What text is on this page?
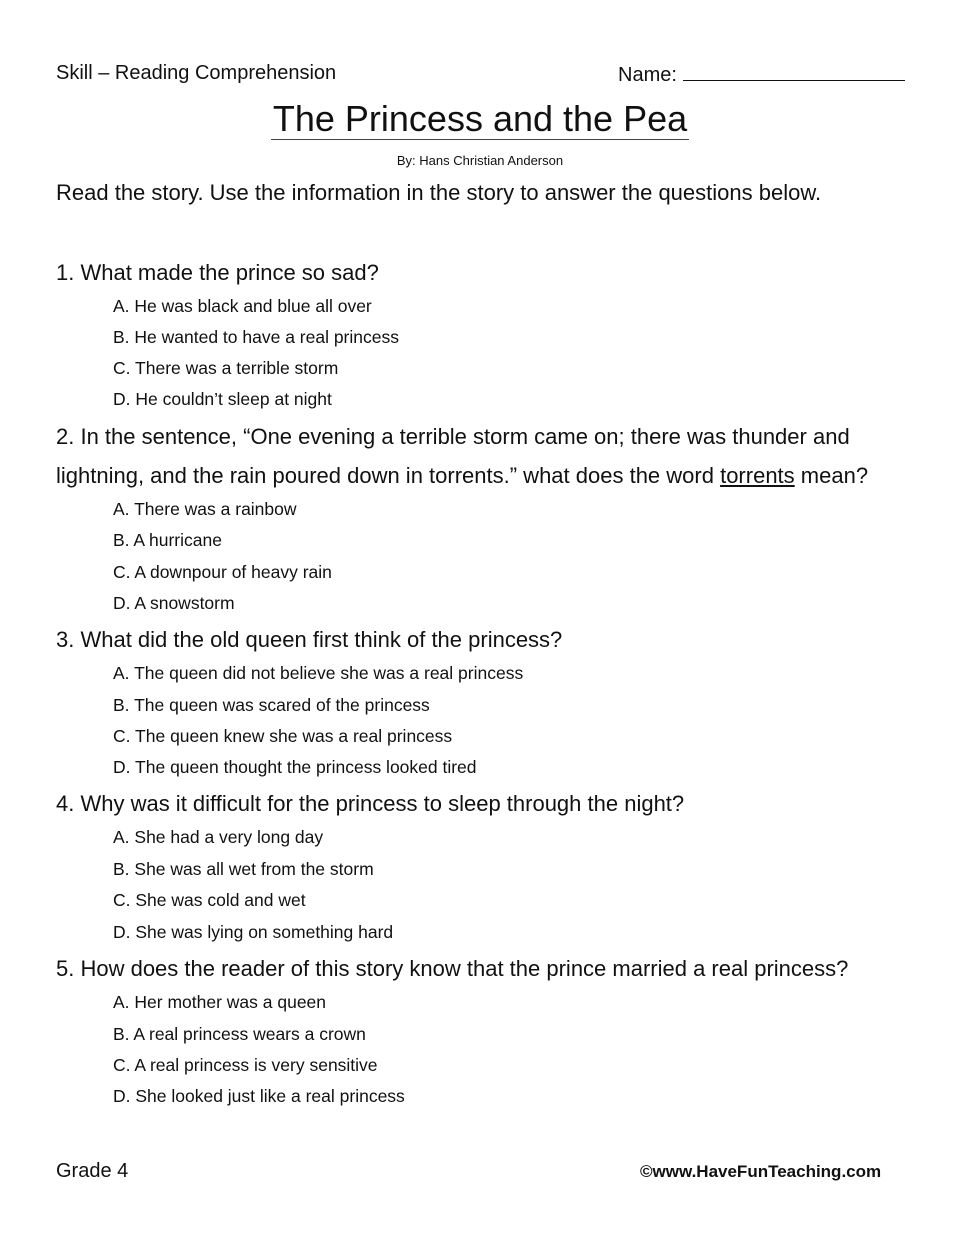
Skill – Reading Comprehension	Name:
The Princess and the Pea
By: Hans Christian Anderson
Read the story. Use the information in the story to answer the questions below.
1. What made the prince so sad?
A. He was black and blue all over
B. He wanted to have a real princess
C. There was a terrible storm
D. He couldn’t sleep at night
2. In the sentence, “One evening a terrible storm came on; there was thunder and lightning, and the rain poured down in torrents.” what does the word torrents mean?
A. There was a rainbow
B. A hurricane
C. A downpour of heavy rain
D. A snowstorm
3. What did the old queen first think of the princess?
A. The queen did not believe she was a real princess
B. The queen was scared of the princess
C. The queen knew she was a real princess
D. The queen thought the princess looked tired
4. Why was it difficult for the princess to sleep through the night?
A. She had a very long day
B. She was all wet from the storm
C. She was cold and wet
D. She was lying on something hard
5. How does the reader of this story know that the prince married a real princess?
A. Her mother was a queen
B. A real princess wears a crown
C. A real princess is very sensitive
D. She looked just like a real princess
Grade 4	©www.HaveFunTeaching.com
